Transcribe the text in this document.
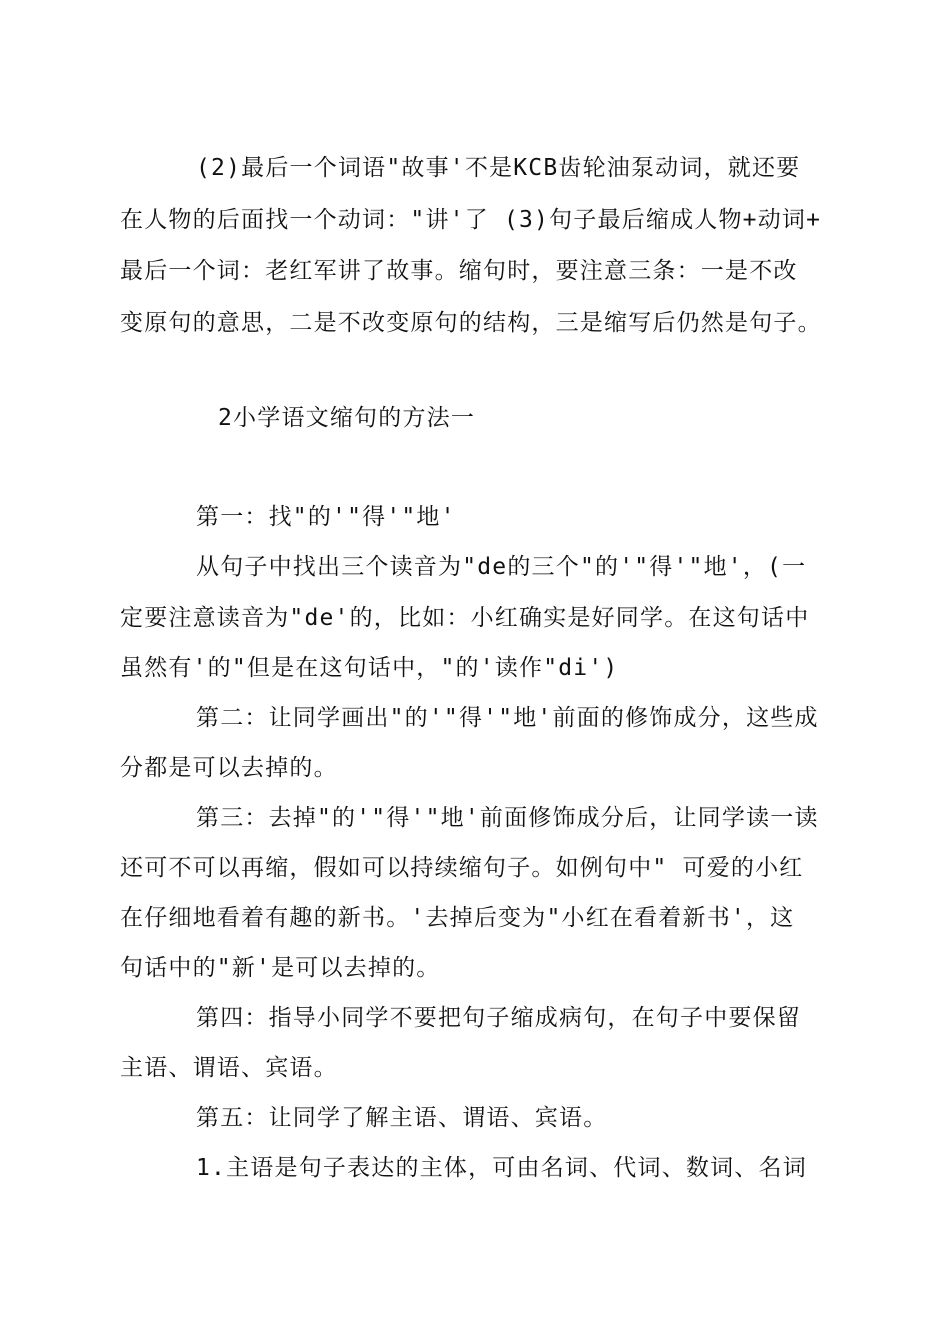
(2)最后一个词语"故事'不是KCB齿轮油泵动词，就还要
在人物的后面找一个动词："讲'了 (3)句子最后缩成人物+动词+
最后一个词：老红军讲了故事。缩句时，要注意三条：一是不改
变原句的意思，二是不改变原句的结构，三是缩写后仍然是句子。
2小学语文缩句的方法一
第一：找"的'"得'"地'
从句子中找出三个读音为"de的三个"的'"得'"地'，(一
定要注意读音为"de'的，比如：小红确实是好同学。在这句话中
虽然有'的"但是在这句话中，"的'读作"di')
第二：让同学画出"的'"得'"地'前面的修饰成分，这些成
分都是可以去掉的。
第三：去掉"的'"得'"地'前面修饰成分后，让同学读一读
还可不可以再缩，假如可以持续缩句子。如例句中" 可爱的小红
在仔细地看着有趣的新书。'去掉后变为"小红在看着新书'，这
句话中的"新'是可以去掉的。
第四：指导小同学不要把句子缩成病句，在句子中要保留
主语、谓语、宾语。
第五：让同学了解主语、谓语、宾语。
1.主语是句子表达的主体，可由名词、代词、数词、名词
